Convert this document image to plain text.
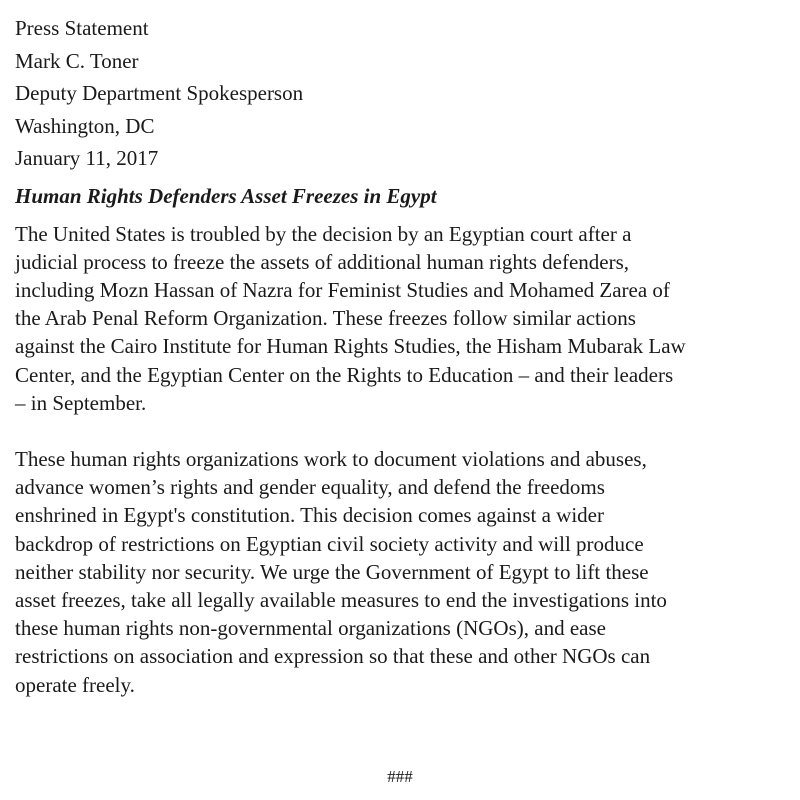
Press Statement
Mark C. Toner
Deputy Department Spokesperson
Washington, DC
January 11, 2017
Human Rights Defenders Asset Freezes in Egypt

The United States is troubled by the decision by an Egyptian court after a
judicial process to freeze the assets of additional human rights defenders,
including Mozn Hassan of Nazra for Feminist Studies and Mohamed Zarea of
the Arab Penal Reform Organization. These freezes follow similar actions
against the Cairo Institute for Human Rights Studies, the Hisham Mubarak Law
Center, and the Egyptian Center on the Rights to Education – and their leaders
– in September.

These human rights organizations work to document violations and abuses,
advance women’s rights and gender equality, and defend the freedoms
enshrined in Egypt's constitution. This decision comes against a wider
backdrop of restrictions on Egyptian civil society activity and will produce
neither stability nor security. We urge the Government of Egypt to lift these
asset freezes, take all legally available measures to end the investigations into
these human rights non-governmental organizations (NGOs), and ease
restrictions on association and expression so that these and other NGOs can
operate freely.

###
